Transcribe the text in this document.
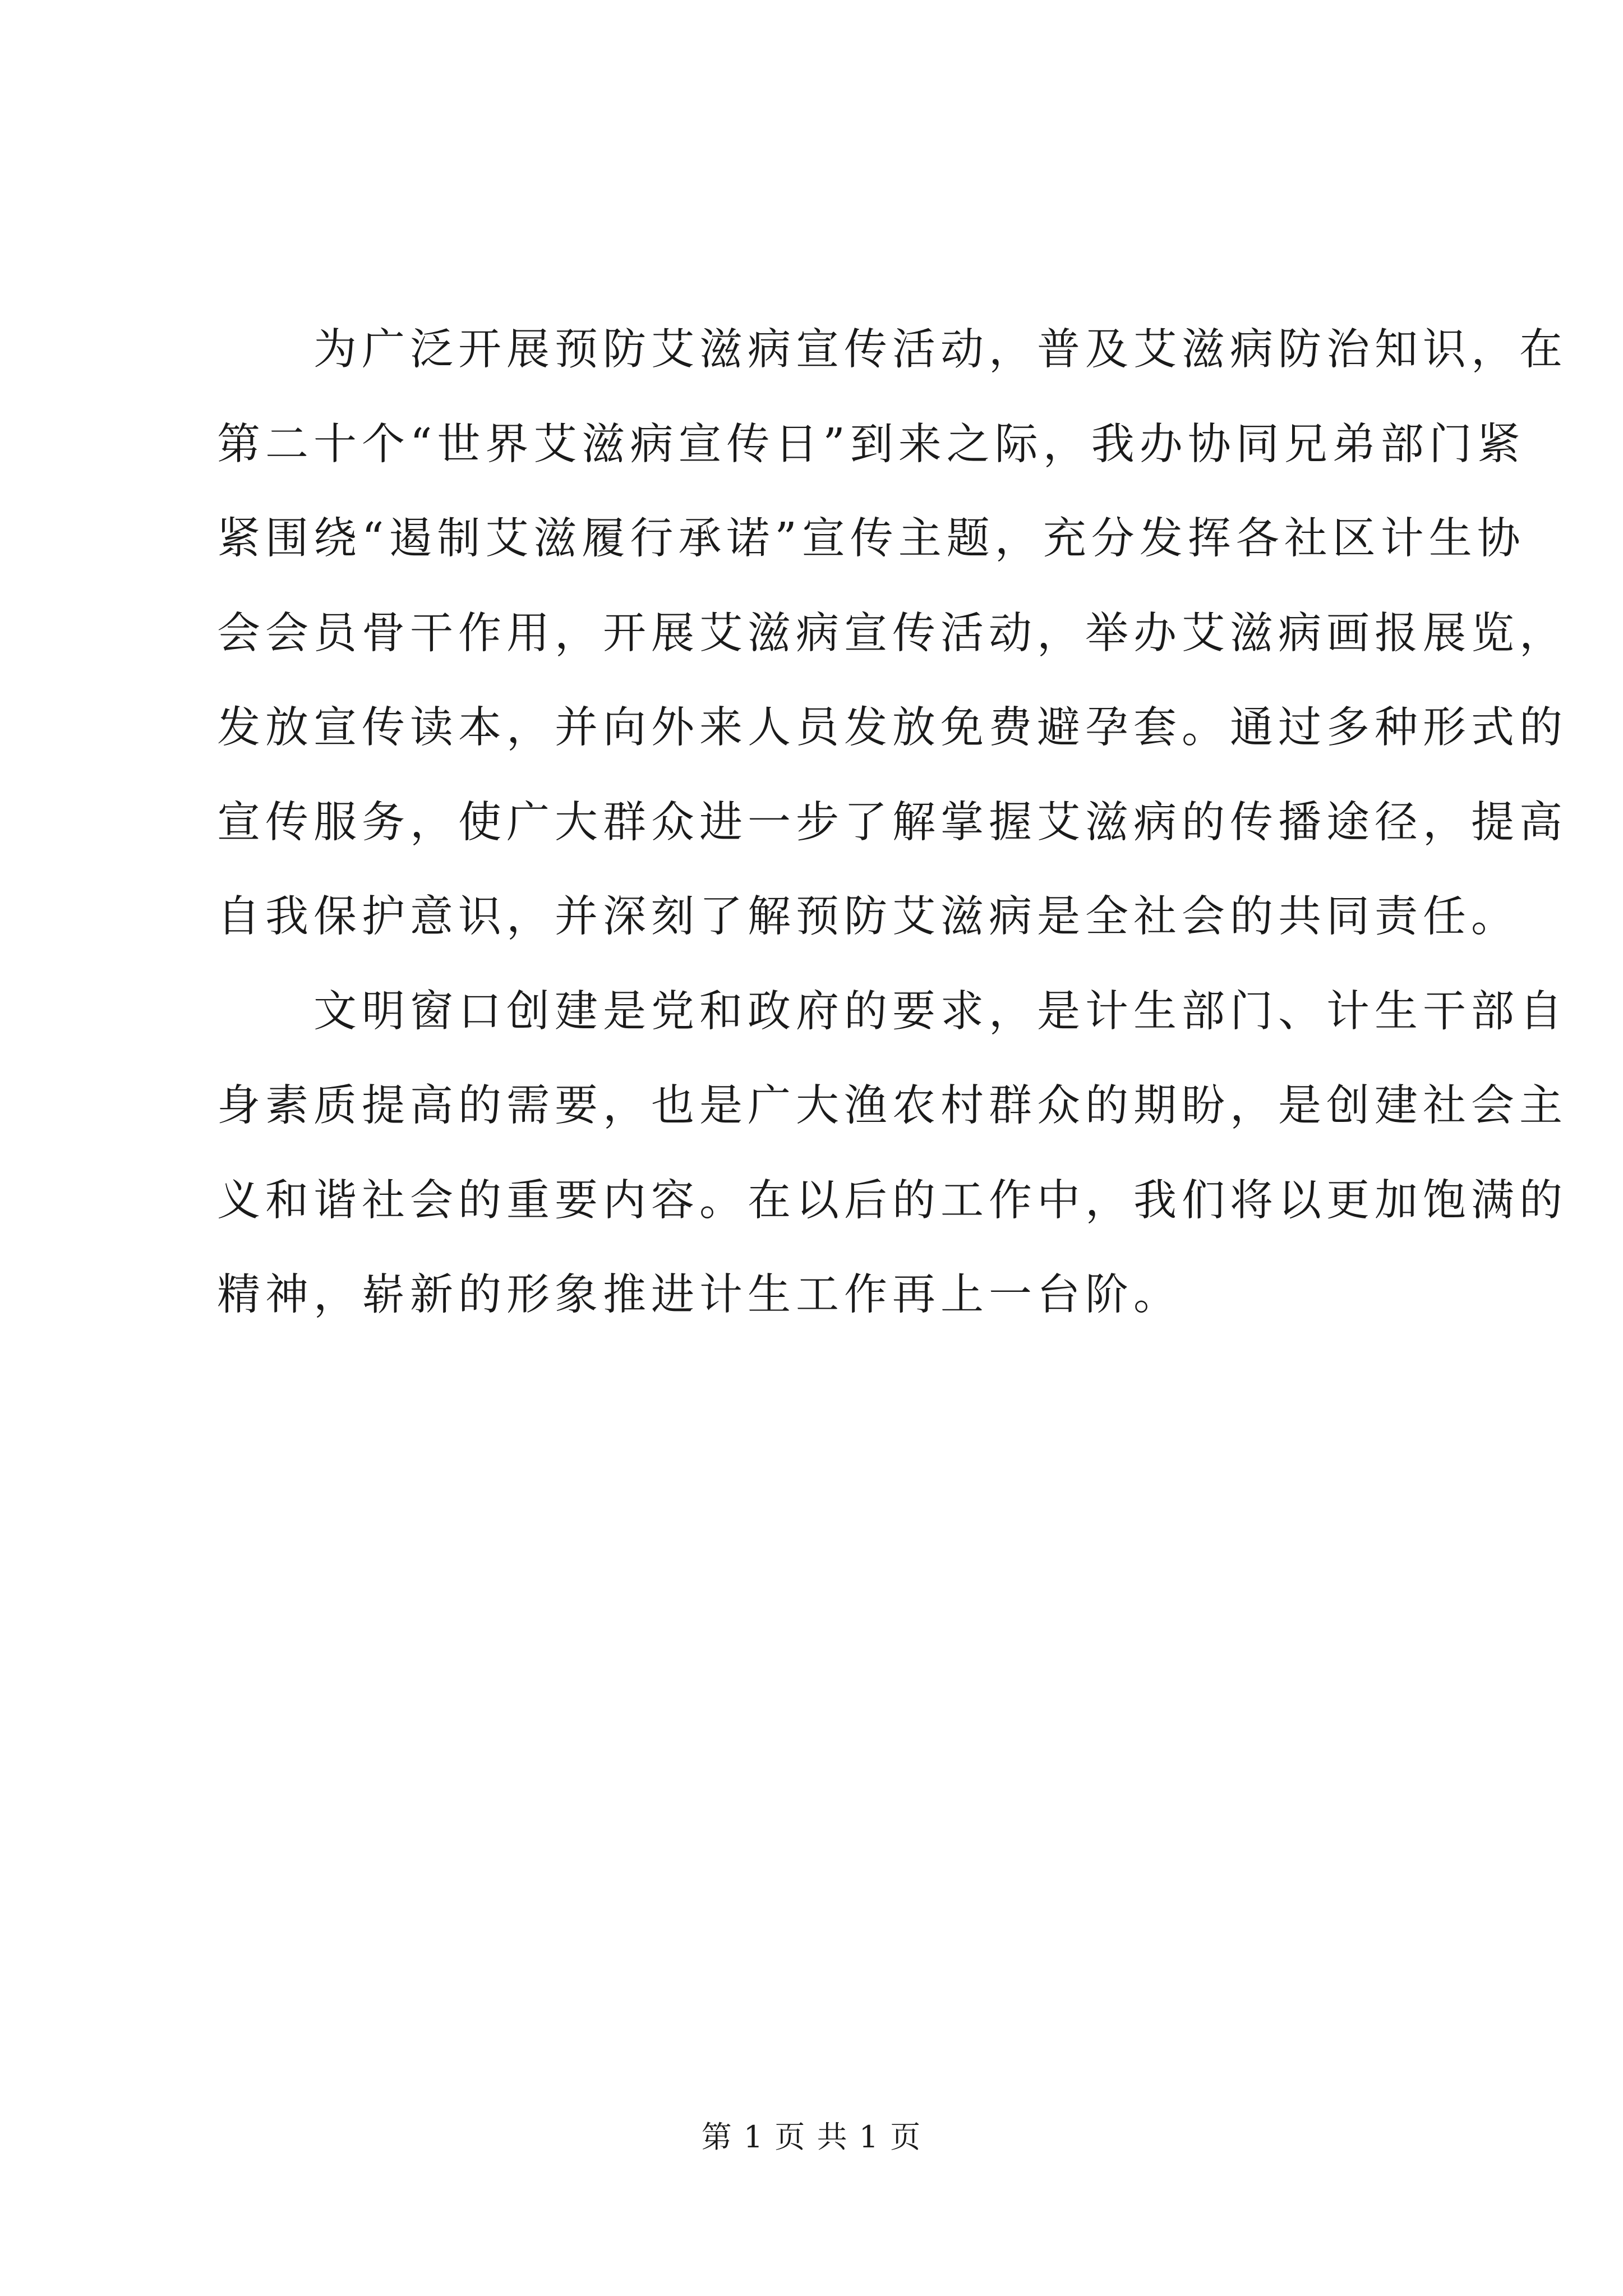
　　为广泛开展预防艾滋病宣传活动，普及艾滋病防治知识，在
第二十个“世界艾滋病宣传日”到来之际，我办协同兄弟部门紧
紧围绕“遏制艾滋履行承诺”宣传主题，充分发挥各社区计生协
会会员骨干作用，开展艾滋病宣传活动，举办艾滋病画报展览，
发放宣传读本，并向外来人员发放免费避孕套。通过多种形式的
宣传服务，使广大群众进一步了解掌握艾滋病的传播途径，提高
自我保护意识，并深刻了解预防艾滋病是全社会的共同责任。
　　文明窗口创建是党和政府的要求，是计生部门、计生干部自
身素质提高的需要，也是广大渔农村群众的期盼，是创建社会主
义和谐社会的重要内容。在以后的工作中，我们将以更加饱满的
精神，崭新的形象推进计生工作再上一台阶。
第 1 页 共 1 页
